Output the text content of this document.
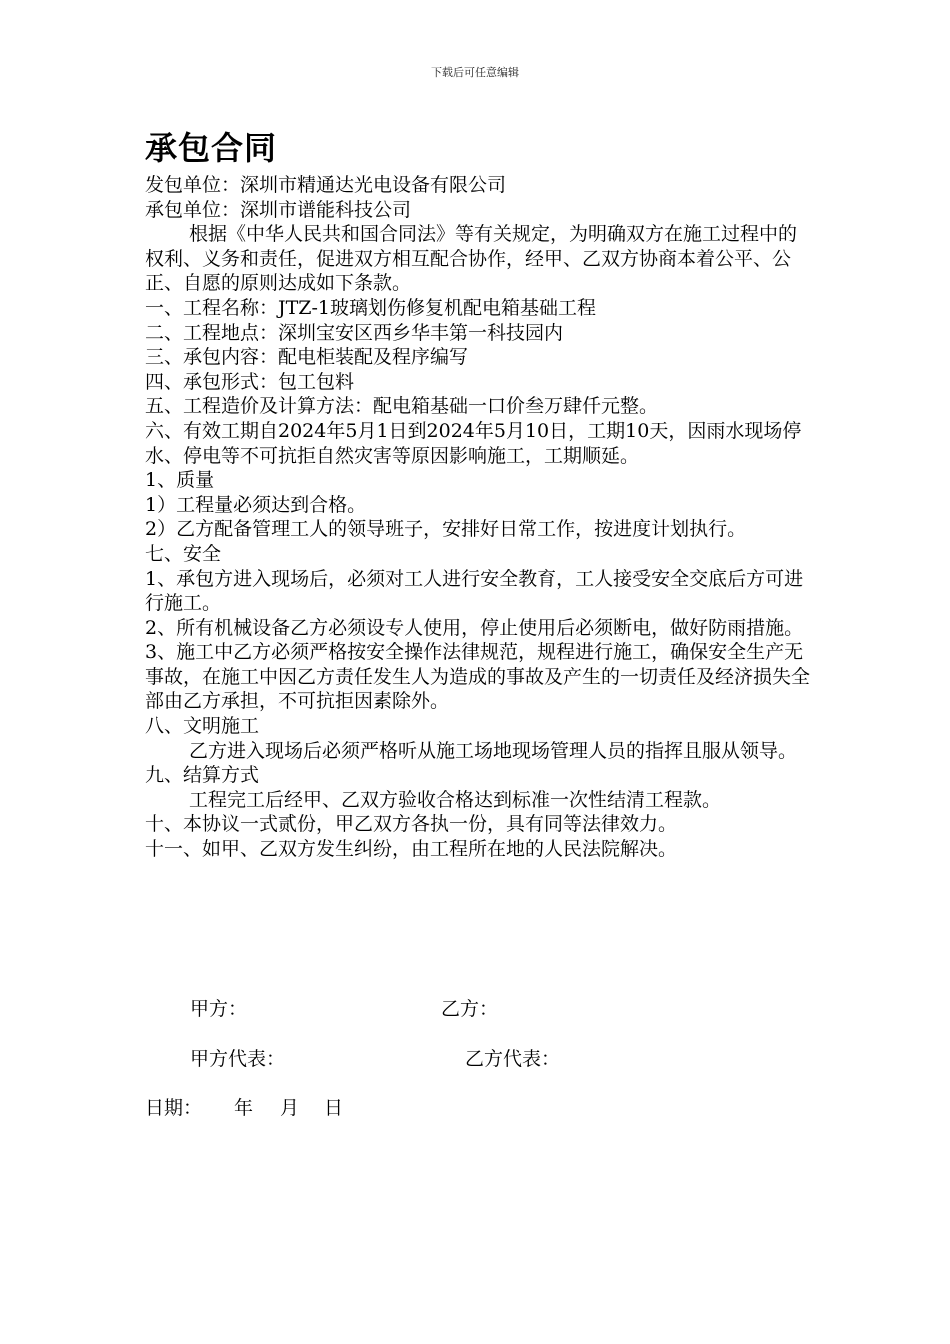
下载后可任意编辑
承包合同

发包单位：深圳市精通达光电设备有限公司

承包单位：深圳市谱能科技公司

根据《中华人民共和国合同法》等有关规定，为明确双方在施工过程中的权利、义务和责任，促进双方相互配合协作，经甲、乙双方协商本着公平、公正、自愿的原则达成如下条款。

一、工程名称：JTZ-1玻璃划伤修复机配电箱基础工程

二、工程地点：深圳宝安区西乡华丰第一科技园内

三、承包内容：配电柜装配及程序编写

四、承包形式：包工包料

五、工程造价及计算方法：配电箱基础一口价叁万肆仟元整。

六、有效工期自2024年5月1日到2024年5月10日，工期10天，因雨水现场停水、停电等不可抗拒自然灾害等原因影响施工，工期顺延。

1、质量

1）工程量必须达到合格。

2）乙方配备管理工人的领导班子，安排好日常工作，按进度计划执行。

七、安全

1、承包方进入现场后，必须对工人进行安全教育，工人接受安全交底后方可进行施工。

2、所有机械设备乙方必须设专人使用，停止使用后必须断电，做好防雨措施。

3、施工中乙方必须严格按安全操作法律规范，规程进行施工，确保安全生产无事故，在施工中因乙方责任发生人为造成的事故及产生的一切责任及经济损失全部由乙方承担，不可抗拒因素除外。

八、文明施工

乙方进入现场后必须严格听从施工场地现场管理人员的指挥且服从领导。

九、结算方式

工程完工后经甲、乙双方验收合格达到标准一次性结清工程款。

十、本协议一式贰份，甲乙双方各执一份，具有同等法律效力。

十一、如甲、乙双方发生纠纷，由工程所在地的人民法院解决。

甲方：	乙方：
甲方代表：	乙方代表：
日期： 年 月 日
